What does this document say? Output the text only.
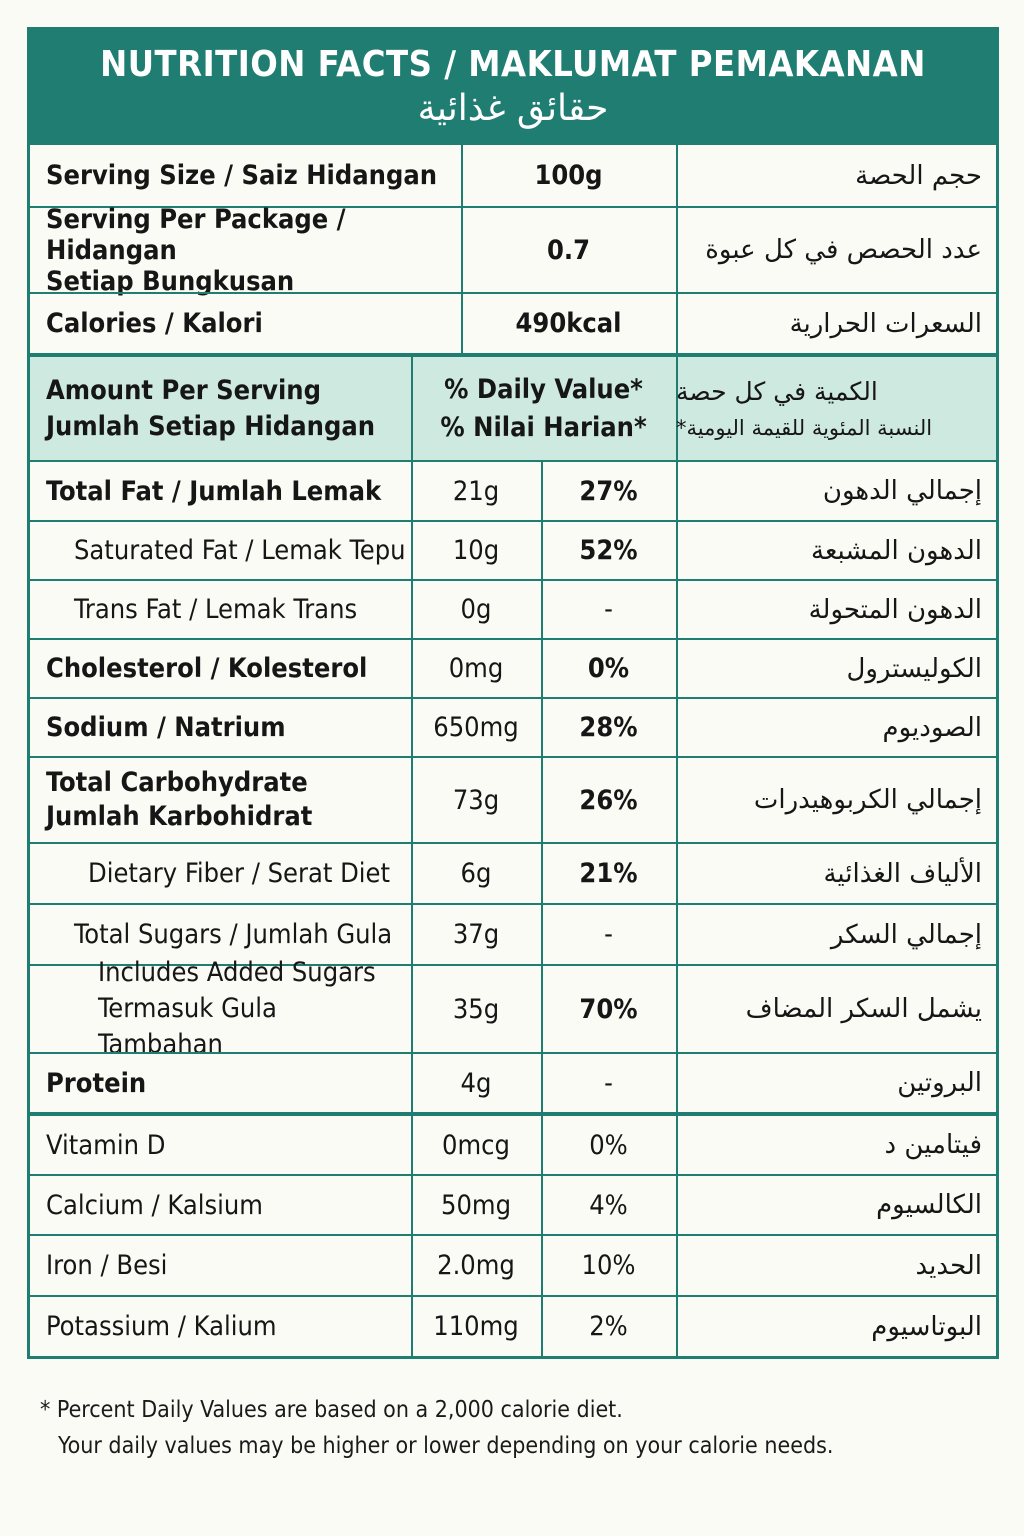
NUTRITION FACTS / MAKLUMAT PEMAKANAN
حقائق غذائية
Serving Size / Saiz Hidangan	100g	حجم الحصة
Serving Per Package / Hidangan
Setiap Bungkusan
0.7	عدد الحصص في كل عبوة
Calories / Kalori	490kcal	السعرات الحرارية
Amount Per Serving
Jumlah Setiap Hidangan
% Daily Value*
% Nilai Harian*
الكمية في كل حصة
النسبة المئوية للقيمة اليومية*
Total Fat / Jumlah Lemak	21g	27%	إجمالي الدهون
Saturated Fat / Lemak Tepu	10g	52%	الدهون المشبعة
Trans Fat / Lemak Trans	0g	-	الدهون المتحولة
Cholesterol / Kolesterol	0mg	0%	الكوليسترول
Sodium / Natrium	650mg	28%	الصوديوم
Total Carbohydrate
Jumlah Karbohidrat
73g	26%	إجمالي الكربوهيدرات
Dietary Fiber / Serat Diet	6g	21%	الألياف الغذائية
Total Sugars / Jumlah Gula	37g	-	إجمالي السكر
Includes Added Sugars
Termasuk Gula Tambahan
35g	70%	يشمل السكر المضاف
Protein	4g	-	البروتين
Vitamin D	0mcg	0%	فيتامين د
Calcium / Kalsium	50mg	4%	الكالسيوم
Iron / Besi	2.0mg	10%	الحديد
Potassium / Kalium	110mg	2%	البوتاسيوم
* Percent Daily Values are based on a 2,000 calorie diet.
Your daily values may be higher or lower depending on your calorie needs.
